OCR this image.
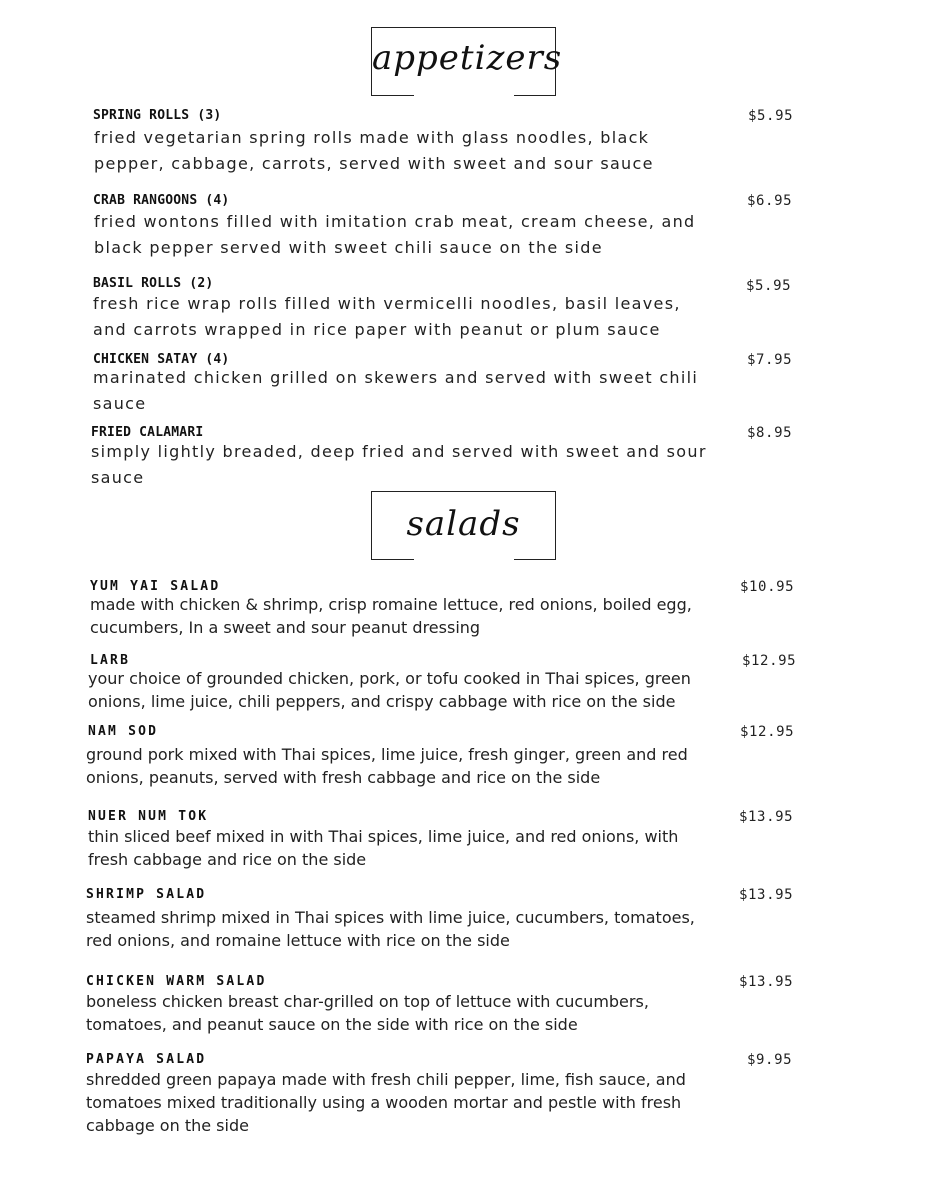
appetizers
SPRING ROLLS (3)	$5.95
fried vegetarian spring rolls made with glass noodles, black pepper, cabbage, carrots, served with sweet and sour sauce
CRAB RANGOONS (4)	$6.95
fried wontons filled with imitation crab meat, cream cheese, and black pepper served with sweet chili sauce on the side
BASIL ROLLS (2)	$5.95
fresh rice wrap rolls filled with vermicelli noodles, basil leaves, and carrots wrapped in rice paper with peanut or plum sauce
CHICKEN SATAY (4)	$7.95
marinated chicken grilled on skewers and served with sweet chili sauce
FRIED CALAMARI	$8.95
simply lightly breaded, deep fried and served with sweet and sour sauce
salads
YUM YAI SALAD	$10.95
made with chicken & shrimp, crisp romaine lettuce, red onions, boiled egg, cucumbers, In a sweet and sour peanut dressing
LARB	$12.95
your choice of grounded chicken, pork, or tofu cooked in Thai spices, green onions, lime juice, chili peppers, and crispy cabbage with rice on the side
NAM SOD	$12.95
ground pork mixed with Thai spices, lime juice, fresh ginger, green and red onions, peanuts, served with fresh cabbage and rice on the side
NUER NUM TOK	$13.95
thin sliced beef mixed in with Thai spices, lime juice, and red onions, with fresh cabbage and rice on the side
SHRIMP SALAD	$13.95
steamed shrimp mixed in Thai spices with lime juice, cucumbers, tomatoes, red onions, and romaine lettuce with rice on the side
CHICKEN WARM SALAD	$13.95
boneless chicken breast char-grilled on top of lettuce with cucumbers, tomatoes, and peanut sauce on the side with rice on the side
PAPAYA SALAD	$9.95
shredded green papaya made with fresh chili pepper, lime, fish sauce, and tomatoes mixed traditionally using a wooden mortar and pestle with fresh cabbage on the side
